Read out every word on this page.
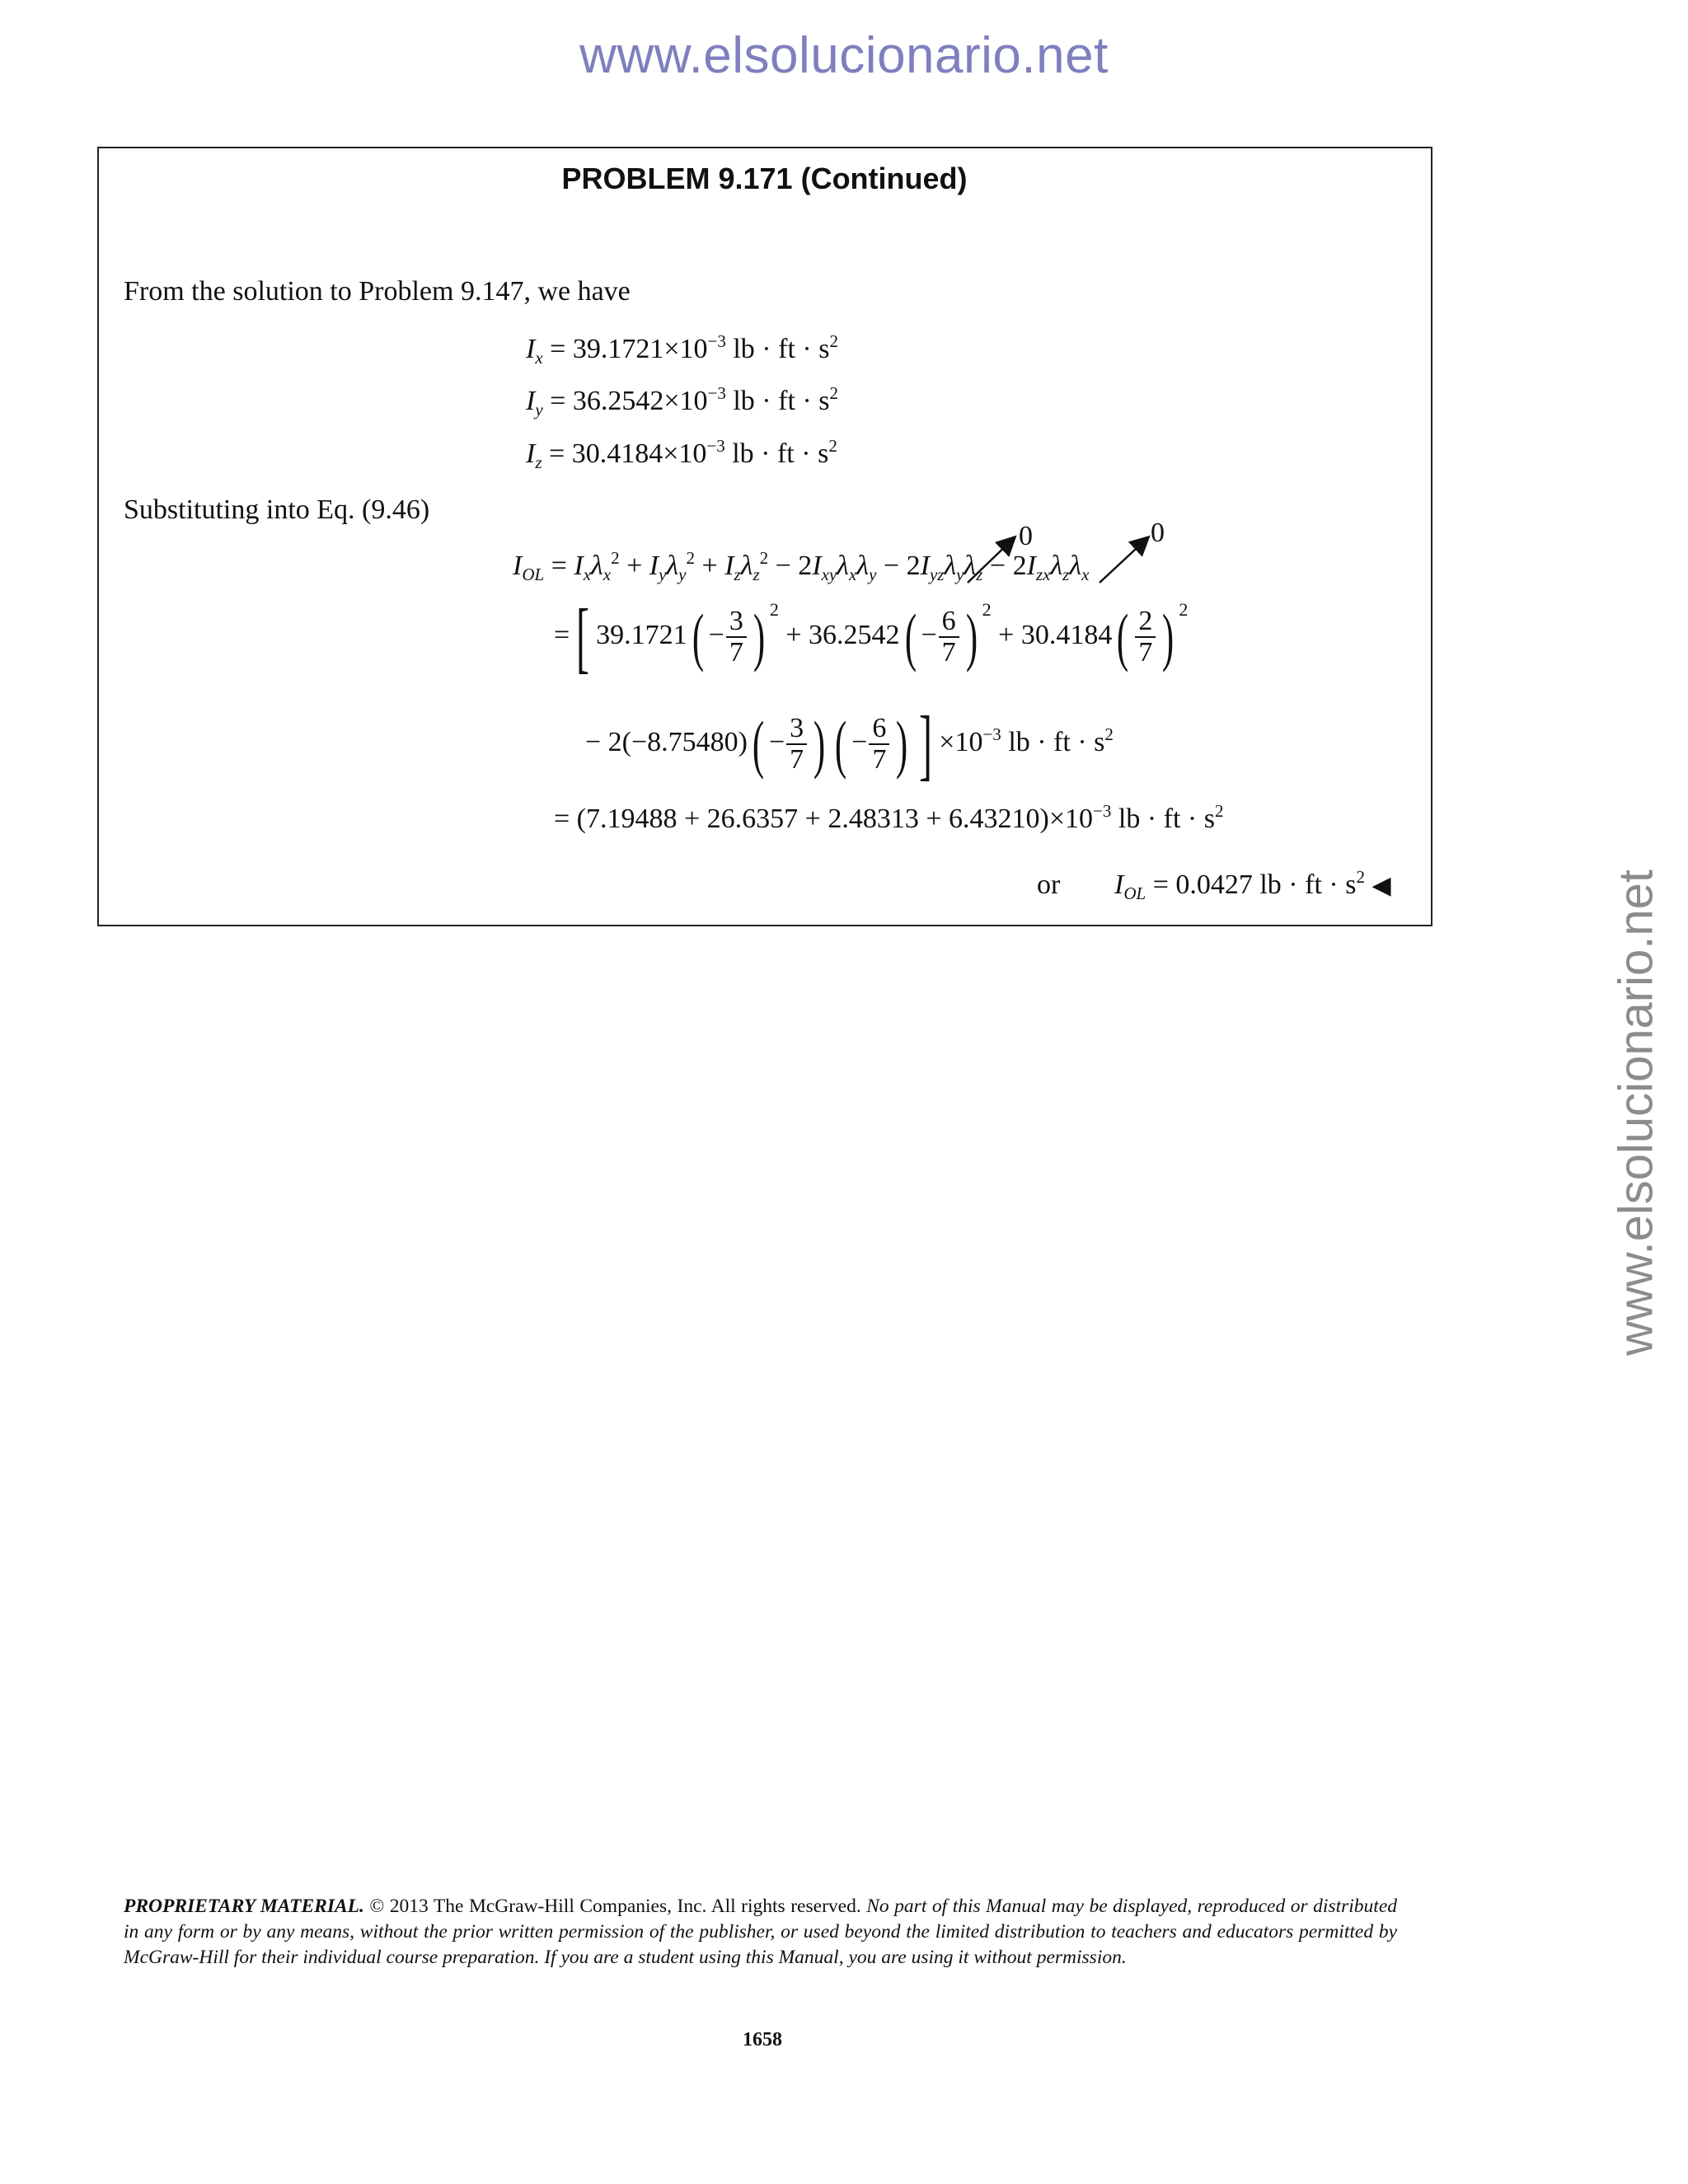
www.elsolucionario.net
www.elsolucionario.net
PROBLEM 9.171 (Continued)
From the solution to Problem 9.147, we have
$I_x = 39.1721\times 10^{-3}$ lb · ft · $s^2$
$I_y = 36.2542\times 10^{-3}$ lb · ft · $s^2$
$I_z = 30.4184\times 10^{-3}$ lb · ft · $s^2$
Substituting into Eq. (9.46)
0	0
$I_{OL} = I_x\lambda_x^2 + I_y\lambda_y^2 + I_z\lambda_z^2 - 2I_{xy}\lambda_x\lambda_y - 2I_{yz}\lambda_y\lambda_z - 2I_{zx}\lambda_z\lambda_x$
=[ $39.1721( - \frac{3}{7}$ ) $^2 + 36.2542( - \frac{6}{7}$ ) $^2 + 30.4184( \frac{2}{7}$ ) $^2$
− $2(-8.75480)( - \frac{3}{7}$ ) ( − $\frac{6}{7}$ ) ] $\times 10^{-3}$ lb · ft · $s^2$
= $(7.19488 + 26.6357 + 2.48313 + 6.43210)\times 10^{-3}$ lb · ft · $s^2$
or $I_{OL} = 0.0427$ lb · ft · $s^2$ ◀
PROPRIETARY MATERIAL. © 2013 The McGraw-Hill Companies, Inc. All rights reserved. No part of this Manual may be displayed, reproduced or distributed in any form or by any means, without the prior written permission of the publisher, or used beyond the limited distribution to teachers and educators permitted by McGraw-Hill for their individual course preparation. If you are a student using this Manual, you are using it without permission.
1658
